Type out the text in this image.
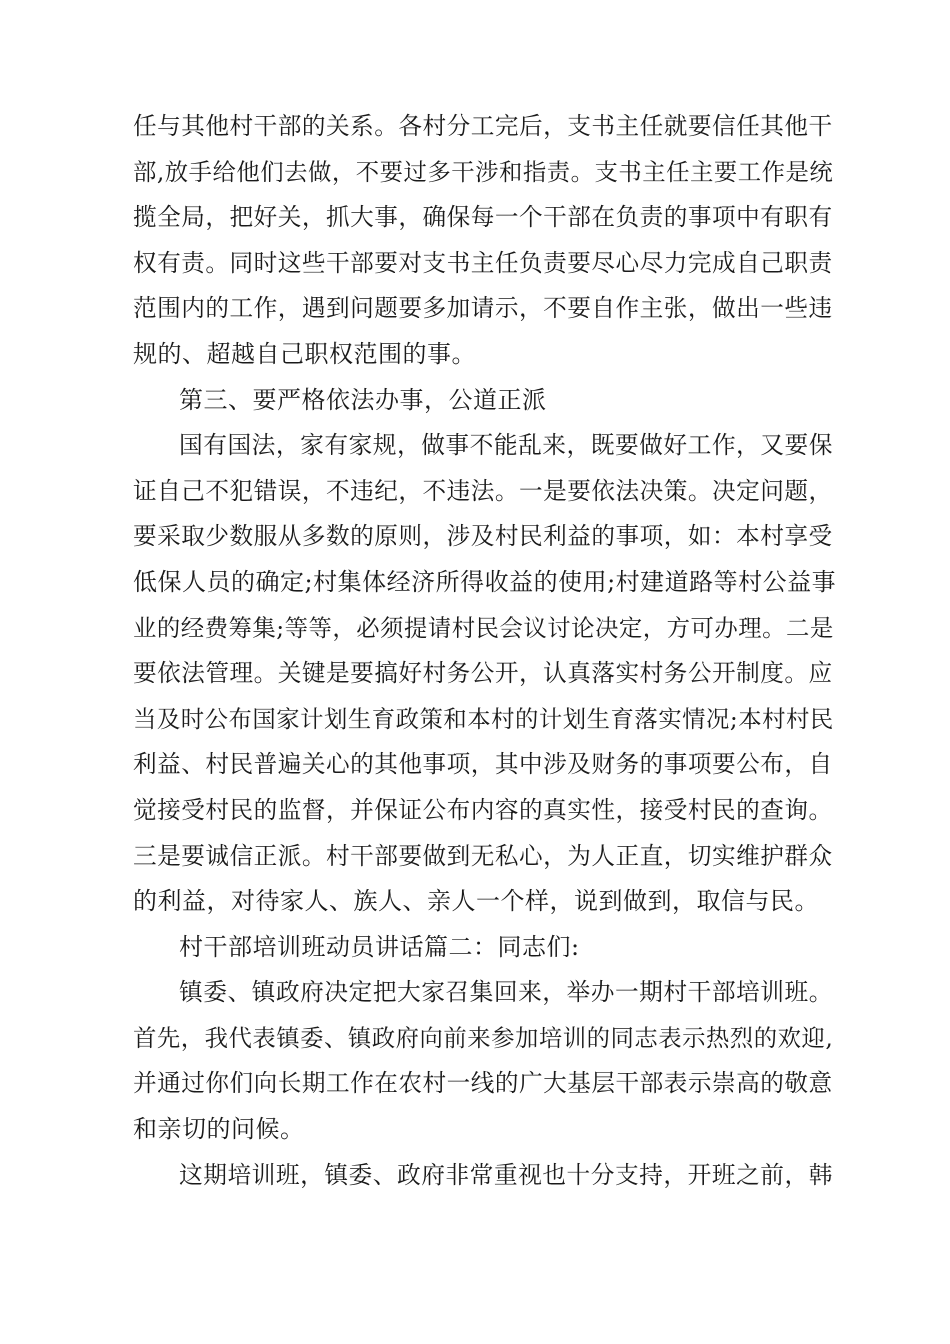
任与其他村干部的关系。各村分工完后，支书主任就要信任其他干
部,放手给他们去做，不要过多干涉和指责。支书主任主要工作是统
揽全局，把好关，抓大事，确保每一个干部在负责的事项中有职有
权有责。同时这些干部要对支书主任负责要尽心尽力完成自己职责
范围内的工作，遇到问题要多加请示，不要自作主张，做出一些违
规的、超越自己职权范围的事。
第三、要严格依法办事，公道正派
国有国法，家有家规，做事不能乱来，既要做好工作，又要保
证自己不犯错误，不违纪，不违法。一是要依法决策。决定问题，
要采取少数服从多数的原则，涉及村民利益的事项，如：本村享受
低保人员的确定;村集体经济所得收益的使用;村建道路等村公益事
业的经费筹集;等等，必须提请村民会议讨论决定，方可办理。二是
要依法管理。关键是要搞好村务公开，认真落实村务公开制度。应
当及时公布国家计划生育政策和本村的计划生育落实情况;本村村民
利益、村民普遍关心的其他事项，其中涉及财务的事项要公布，自
觉接受村民的监督，并保证公布内容的真实性，接受村民的查询。
三是要诚信正派。村干部要做到无私心，为人正直，切实维护群众
的利益，对待家人、族人、亲人一个样，说到做到，取信与民。
村干部培训班动员讲话篇二：同志们:
镇委、镇政府决定把大家召集回来，举办一期村干部培训班。
首先，我代表镇委、镇政府向前来参加培训的同志表示热烈的欢迎,
并通过你们向长期工作在农村一线的广大基层干部表示崇高的敬意
和亲切的问候。
这期培训班，镇委、政府非常重视也十分支持，开班之前，韩
